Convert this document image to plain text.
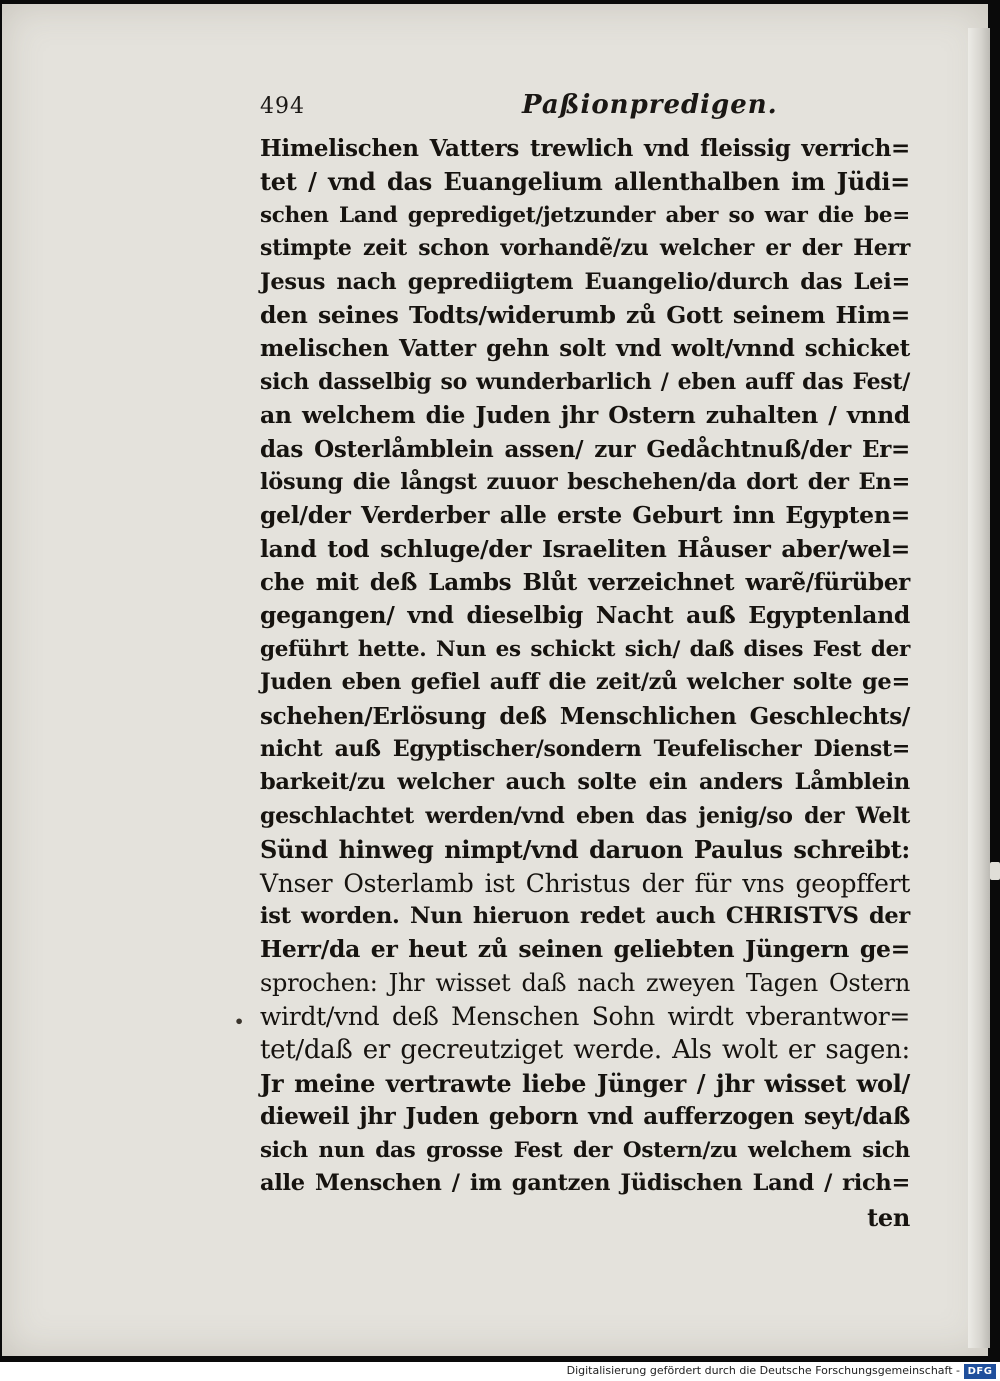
494	Paßionpredigen.
Himelischen Vatters trewlich vnd fleissig verrich=
tet / vnd das Euangelium allenthalben im Jüdi=
schen Land geprediget/jetzunder aber so war die be=
stimpte zeit schon vorhandẽ/zu welcher er der Herr
Jesus nach geprediigtem Euangelio/durch das Lei=
den seines Todts/widerumb zů Gott seinem Him=
melischen Vatter gehn solt vnd wolt/vnnd schicket
sich dasselbig so wunderbarlich / eben auff das Fest/
an welchem die Juden jhr Ostern zuhalten / vnnd
das Osterlåmblein assen/ zur Gedåchtnuß/der Er=
lösung die långst zuuor beschehen/da dort der En=
gel/der Verderber alle erste Geburt inn Egypten=
land tod schluge/der Israeliten Håuser aber/wel=
che mit deß Lambs Blůt verzeichnet warẽ/fürüber
gegangen/ vnd dieselbig Nacht auß Egyptenland
geführt hette. Nun es schickt sich/ daß dises Fest der
Juden eben gefiel auff die zeit/zů welcher solte ge=
schehen/Erlösung deß Menschlichen Geschlechts/
nicht auß Egyptischer/sondern Teufelischer Dienst=
barkeit/zu welcher auch solte ein anders Låmblein
geschlachtet werden/vnd eben das jenig/so der Welt
Sünd hinweg nimpt/vnd daruon Paulus schreibt:
Vnser Osterlamb ist Christus der für vns geopffert
ist worden. Nun hieruon redet auch CHRISTVS der
Herr/da er heut zů seinen geliebten Jüngern ge=
sprochen: Jhr wisset daß nach zweyen Tagen Ostern
wirdt/vnd deß Menschen Sohn wirdt vberantwor=
tet/daß er gecreutziget werde. Als wolt er sagen:
Jr meine vertrawte liebe Jünger / jhr wisset wol/
dieweil jhr Juden geborn vnd aufferzogen seyt/daß
sich nun das grosse Fest der Ostern/zu welchem sich
alle Menschen / im gantzen Jüdischen Land / rich=
ten
•
Digitalisierung gefördert durch die Deutsche Forschungsgemeinschaft - DFG
